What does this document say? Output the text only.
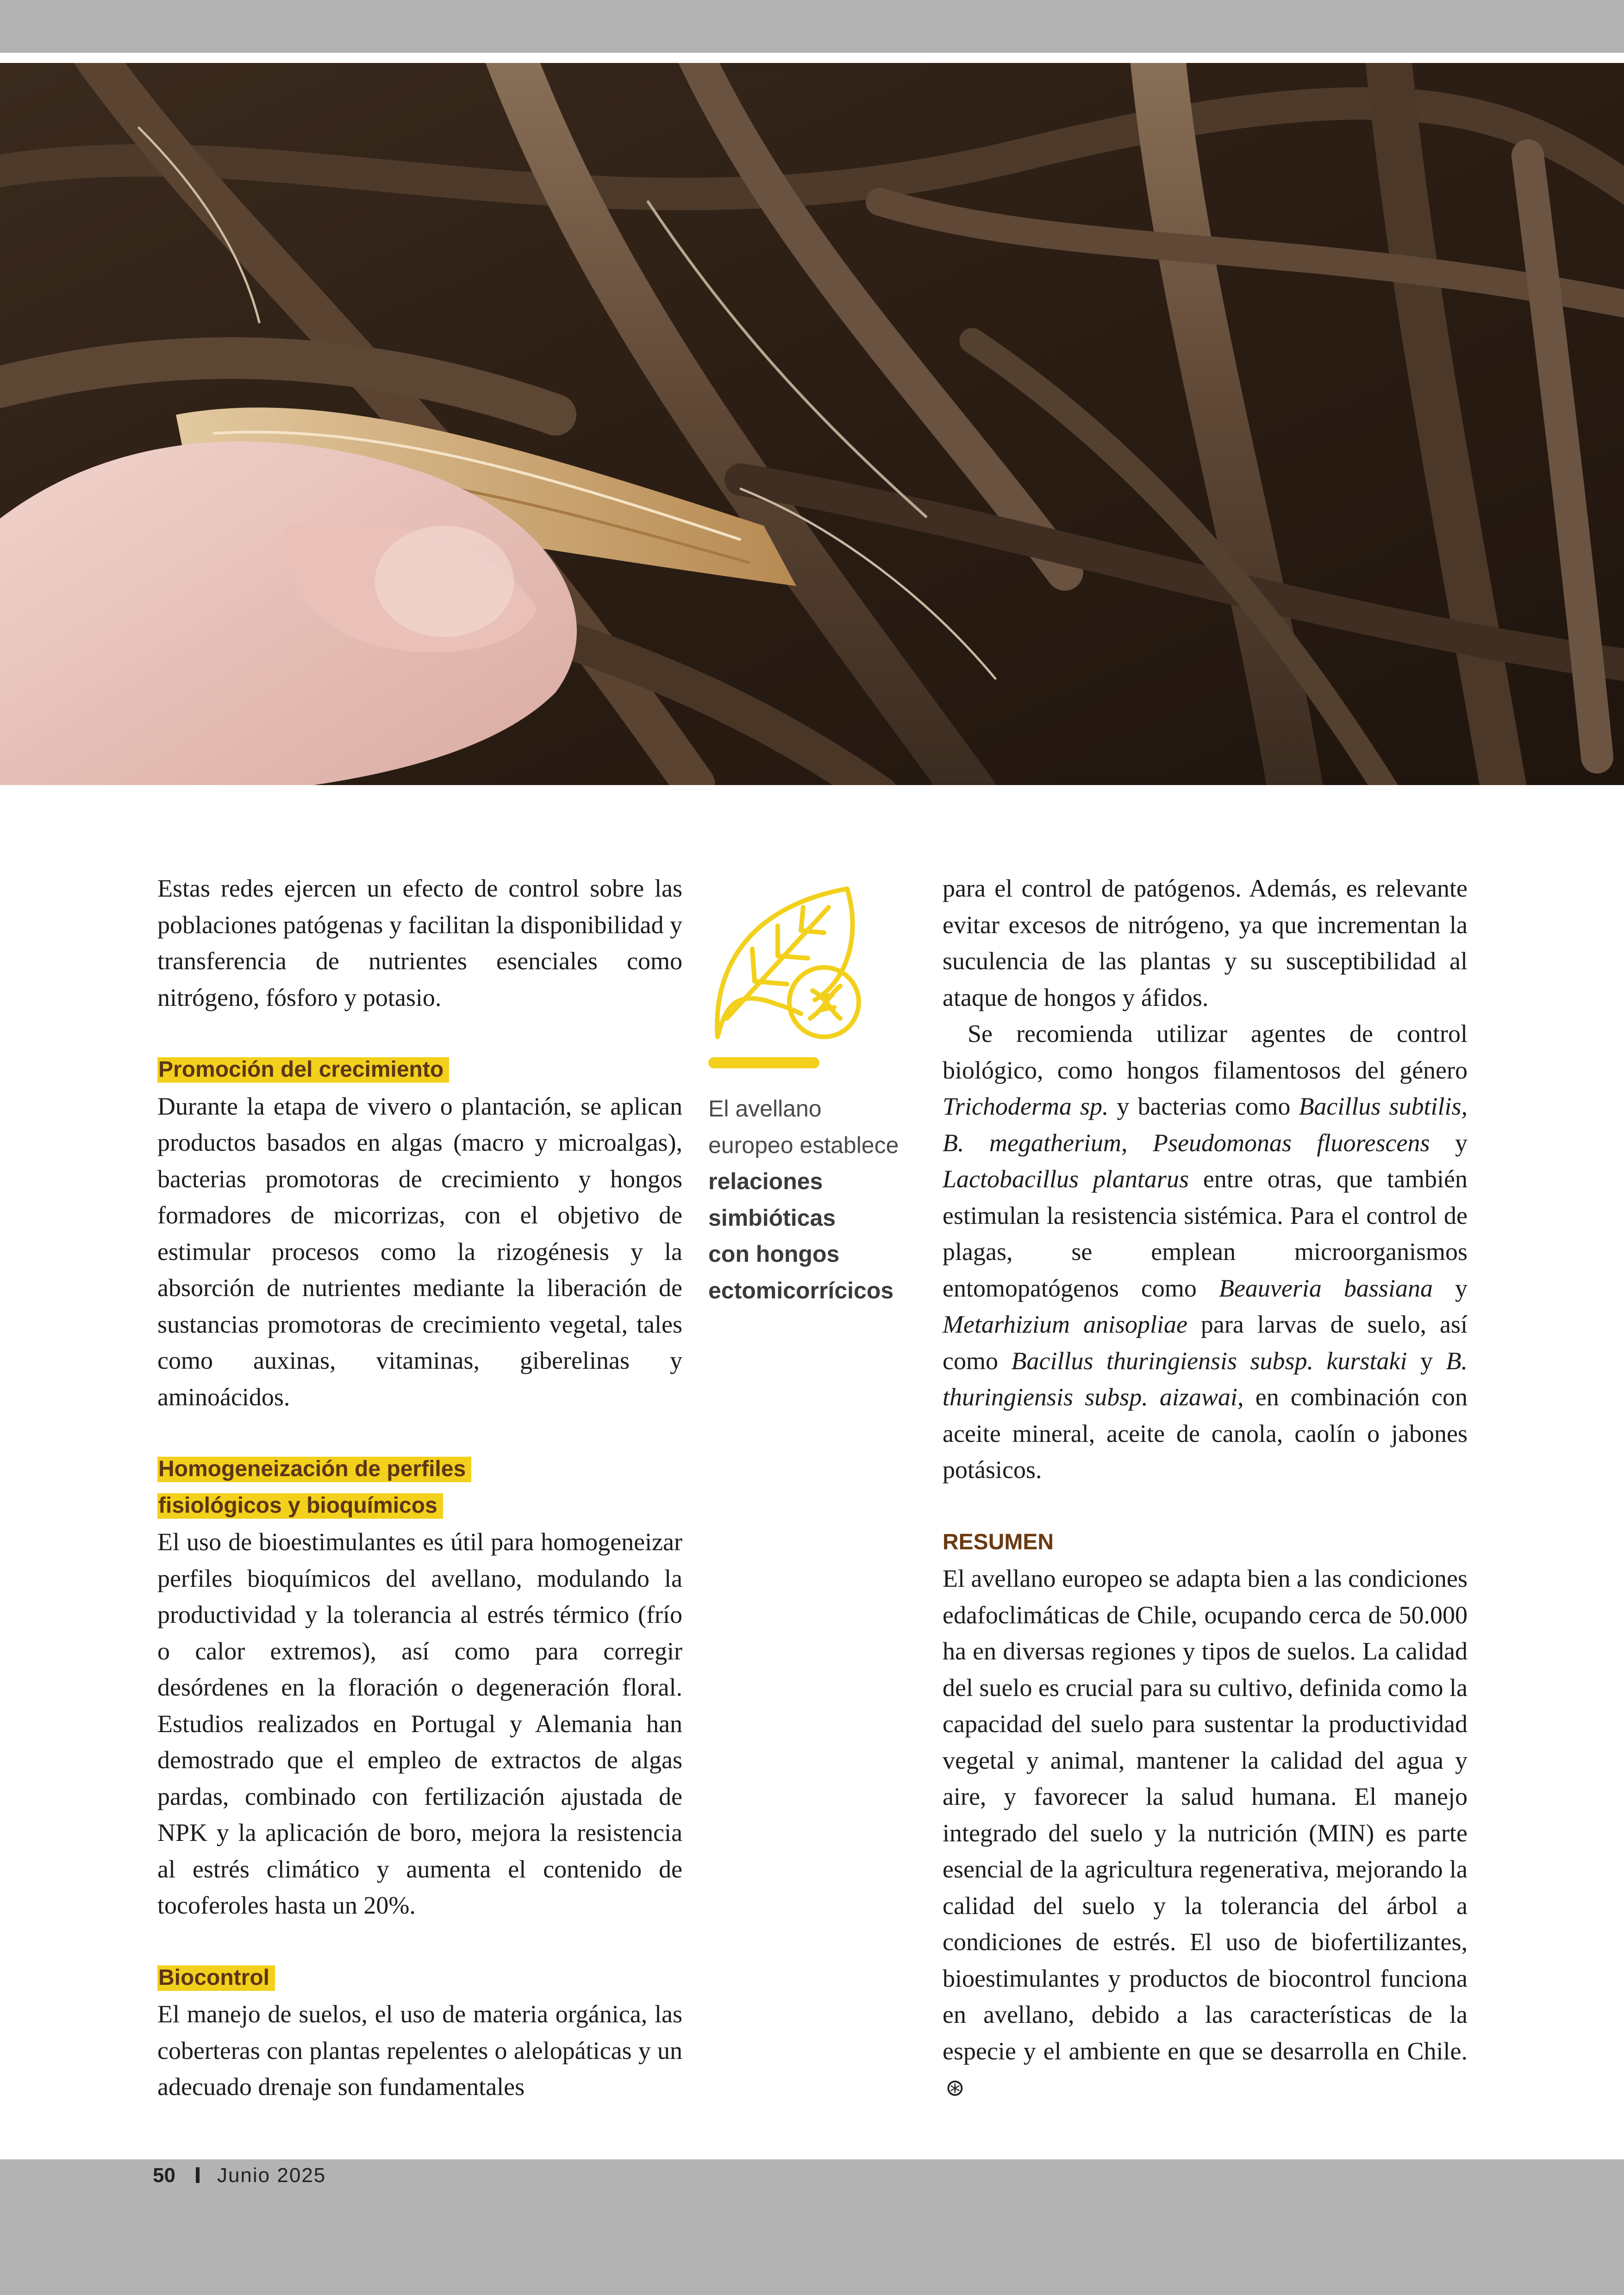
Estas redes ejercen un efecto de control sobre las poblaciones patógenas y facilitan la disponibilidad y transferencia de nutrientes esenciales como nitrógeno, fósforo y potasio.

Promoción del crecimiento

Durante la etapa de vivero o plantación, se aplican productos basados en algas (macro y microalgas), bacterias promotoras de crecimiento y hongos formadores de micorrizas, con el objetivo de estimular procesos como la rizogénesis y la absorción de nutrientes mediante la liberación de sustancias promotoras de crecimiento vegetal, tales como auxinas, vitaminas, giberelinas y aminoácidos.

Homogeneización de perfiles
fisiológicos y bioquímicos

El uso de bioestimulantes es útil para homogeneizar perfiles bioquímicos del avellano, modulando la productividad y la tolerancia al estrés térmico (frío o calor extremos), así como para corregir desórdenes en la floración o degeneración floral. Estudios realizados en Portugal y Alemania han demostrado que el empleo de extractos de algas pardas, combinado con fertilización ajustada de NPK y la aplicación de boro, mejora la resistencia al estrés climático y aumenta el contenido de tocoferoles hasta un 20%.

Biocontrol

El manejo de suelos, el uso de materia orgánica, las coberteras con plantas repelentes o alelopáticas y un adecuado drenaje son fundamentales

El avellano
europeo establece
relaciones
simbióticas
con hongos
ectomicorrícicos

para el control de patógenos. Además, es relevante evitar excesos de nitrógeno, ya que incrementan la suculencia de las plantas y su susceptibilidad al ataque de hongos y áfidos.

Se recomienda utilizar agentes de control biológico, como hongos filamentosos del género Trichoderma sp. y bacterias como Bacillus subtilis, B. megatherium, Pseudomonas fluorescens y Lactobacillus plantarus entre otras, que también estimulan la resistencia sistémica. Para el control de plagas, se emplean microorganismos entomopatógenos como Beauveria bassiana y Metarhizium anisopliae para larvas de suelo, así como Bacillus thuringiensis subsp. kurstaki y B. thuringiensis subsp. aizawai, en combinación con aceite mineral, aceite de canola, caolín o jabones potásicos.

RESUMEN

El avellano europeo se adapta bien a las condiciones edafoclimáticas de Chile, ocupando cerca de 50.000 ha en diversas regiones y tipos de suelos. La calidad del suelo es crucial para su cultivo, definida como la capacidad del suelo para sustentar la productividad vegetal y animal, mantener la calidad del agua y aire, y favorecer la salud humana. El manejo integrado del suelo y la nutrición (MIN) es parte esencial de la agricultura regenerativa, mejorando la calidad del suelo y la tolerancia del árbol a condiciones de estrés. El uso de biofertilizantes, bioestimulantes y productos de biocontrol funciona en avellano, debido a las características de la especie y el ambiente en que se desarrolla en Chile.⊛

50 Junio 2025
